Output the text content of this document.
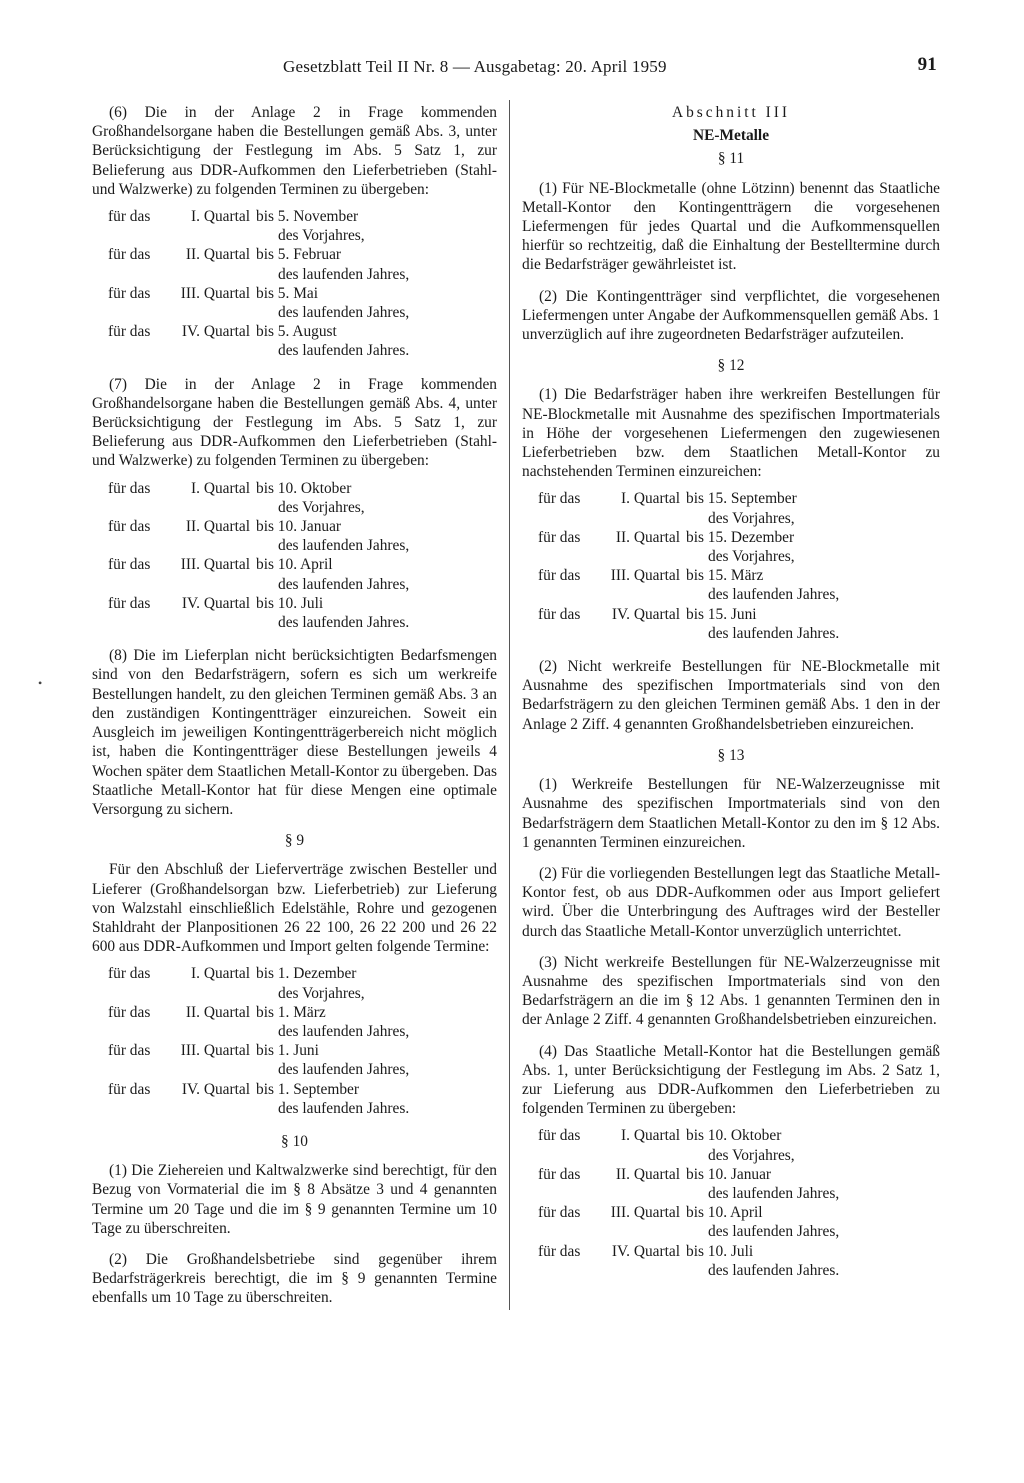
Gesetzblatt Teil II Nr. 8 — Ausgabetag: 20. April 1959	91
•

(6) Die in der Anlage 2 in Frage kommenden Großhandelsorgane haben die Bestellungen gemäß Abs. 3, unter Berücksichtigung der Festlegung im Abs. 5 Satz 1, zur Belieferung aus DDR-Aufkommen den Lieferbetrieben (Stahl- und Walzwerke) zu folgenden Terminen zu übergeben:

für das	I. Quartal bis 5. November
des Vorjahres,
für das	II. Quartal bis 5. Februar
des laufenden Jahres,
für das	III. Quartal bis 5. Mai
des laufenden Jahres,
für das	IV. Quartal bis 5. August
des laufenden Jahres.

(7) Die in der Anlage 2 in Frage kommenden Großhandelsorgane haben die Bestellungen gemäß Abs. 4, unter Berücksichtigung der Festlegung im Abs. 5 Satz 1, zur Belieferung aus DDR-Aufkommen den Lieferbetrieben (Stahl- und Walzwerke) zu folgenden Terminen zu übergeben:

für das	I. Quartal bis 10. Oktober
des Vorjahres,
für das	II. Quartal bis 10. Januar
des laufenden Jahres,
für das	III. Quartal bis 10. April
des laufenden Jahres,
für das	IV. Quartal bis 10. Juli
des laufenden Jahres.

(8) Die im Lieferplan nicht berücksichtigten Bedarfsmengen sind von den Bedarfsträgern, sofern es sich um werkreife Bestellungen handelt, zu den gleichen Terminen gemäß Abs. 3 an den zuständigen Kontingentträger einzureichen. Soweit ein Ausgleich im jeweiligen Kontingentträgerbereich nicht möglich ist, haben die Kontingentträger diese Bestellungen jeweils 4 Wochen später dem Staatlichen Metall-Kontor zu übergeben. Das Staatliche Metall-Kontor hat für diese Mengen eine optimale Versorgung zu sichern.

§ 9

Für den Abschluß der Lieferverträge zwischen Besteller und Lieferer (Großhandelsorgan bzw. Lieferbetrieb) zur Lieferung von Walzstahl einschließlich Edelstähle, Rohre und gezogenen Stahldraht der Planpositionen 26 22 100, 26 22 200 und 26 22 600 aus DDR-Aufkommen und Import gelten folgende Termine:

für das	I. Quartal bis 1. Dezember
des Vorjahres,
für das	II. Quartal bis 1. März
des laufenden Jahres,
für das	III. Quartal bis 1. Juni
des laufenden Jahres,
für das	IV. Quartal bis 1. September
des laufenden Jahres.
§ 10

(1) Die Ziehereien und Kaltwalzwerke sind berechtigt, für den Bezug von Vormaterial die im § 8 Absätze 3 und 4 genannten Termine um 20 Tage und die im § 9 genannten Termine um 10 Tage zu überschreiten.

(2) Die Großhandelsbetriebe sind gegenüber ihrem Bedarfsträgerkreis berechtigt, die im § 9 genannten Termine ebenfalls um 10 Tage zu überschreiten.

Abschnitt III
NE-Metalle
§ 11

(1) Für NE-Blockmetalle (ohne Lötzinn) benennt das Staatliche Metall-Kontor den Kontingentträgern die vorgesehenen Liefermengen für jedes Quartal und die Aufkommensquellen hierfür so rechtzeitig, daß die Einhaltung der Bestelltermine durch die Bedarfsträger gewährleistet ist.

(2) Die Kontingentträger sind verpflichtet, die vorgesehenen Liefermengen unter Angabe der Aufkommensquellen gemäß Abs. 1 unverzüglich auf ihre zugeordneten Bedarfsträger aufzuteilen.

§ 12

(1) Die Bedarfsträger haben ihre werkreifen Bestellungen für NE-Blockmetalle mit Ausnahme des spezifischen Importmaterials in Höhe der vorgesehenen Liefermengen den zugewiesenen Lieferbetrieben bzw. dem Staatlichen Metall-Kontor zu nachstehenden Terminen einzureichen:

für das	I. Quartal bis 15. September
des Vorjahres,
für das	II. Quartal bis 15. Dezember
des Vorjahres,
für das	III. Quartal bis 15. März
des laufenden Jahres,
für das	IV. Quartal bis 15. Juni
des laufenden Jahres.

(2) Nicht werkreife Bestellungen für NE-Blockmetalle mit Ausnahme des spezifischen Importmaterials sind von den Bedarfsträgern zu den gleichen Terminen gemäß Abs. 1 den in der Anlage 2 Ziff. 4 genannten Großhandelsbetrieben einzureichen.

§ 13

(1) Werkreife Bestellungen für NE-Walzerzeugnisse mit Ausnahme des spezifischen Importmaterials sind von den Bedarfsträgern dem Staatlichen Metall-Kontor zu den im § 12 Abs. 1 genannten Terminen einzureichen.

(2) Für die vorliegenden Bestellungen legt das Staatliche Metall-Kontor fest, ob aus DDR-Aufkommen oder aus Import geliefert wird. Über die Unterbringung des Auftrages wird der Besteller durch das Staatliche Metall-Kontor unverzüglich unterrichtet.

(3) Nicht werkreife Bestellungen für NE-Walzerzeugnisse mit Ausnahme des spezifischen Importmaterials sind von den Bedarfsträgern an die im § 12 Abs. 1 genannten Terminen den in der Anlage 2 Ziff. 4 genannten Großhandelsbetrieben einzureichen.

(4) Das Staatliche Metall-Kontor hat die Bestellungen gemäß Abs. 1, unter Berücksichtigung der Festlegung im Abs. 2 Satz 1, zur Lieferung aus DDR-Aufkommen den Lieferbetrieben zu folgenden Terminen zu übergeben:

für das	I. Quartal bis 10. Oktober
des Vorjahres,
für das	II. Quartal bis 10. Januar
des laufenden Jahres,
für das	III. Quartal bis 10. April
des laufenden Jahres,
für das	IV. Quartal bis 10. Juli
des laufenden Jahres.
